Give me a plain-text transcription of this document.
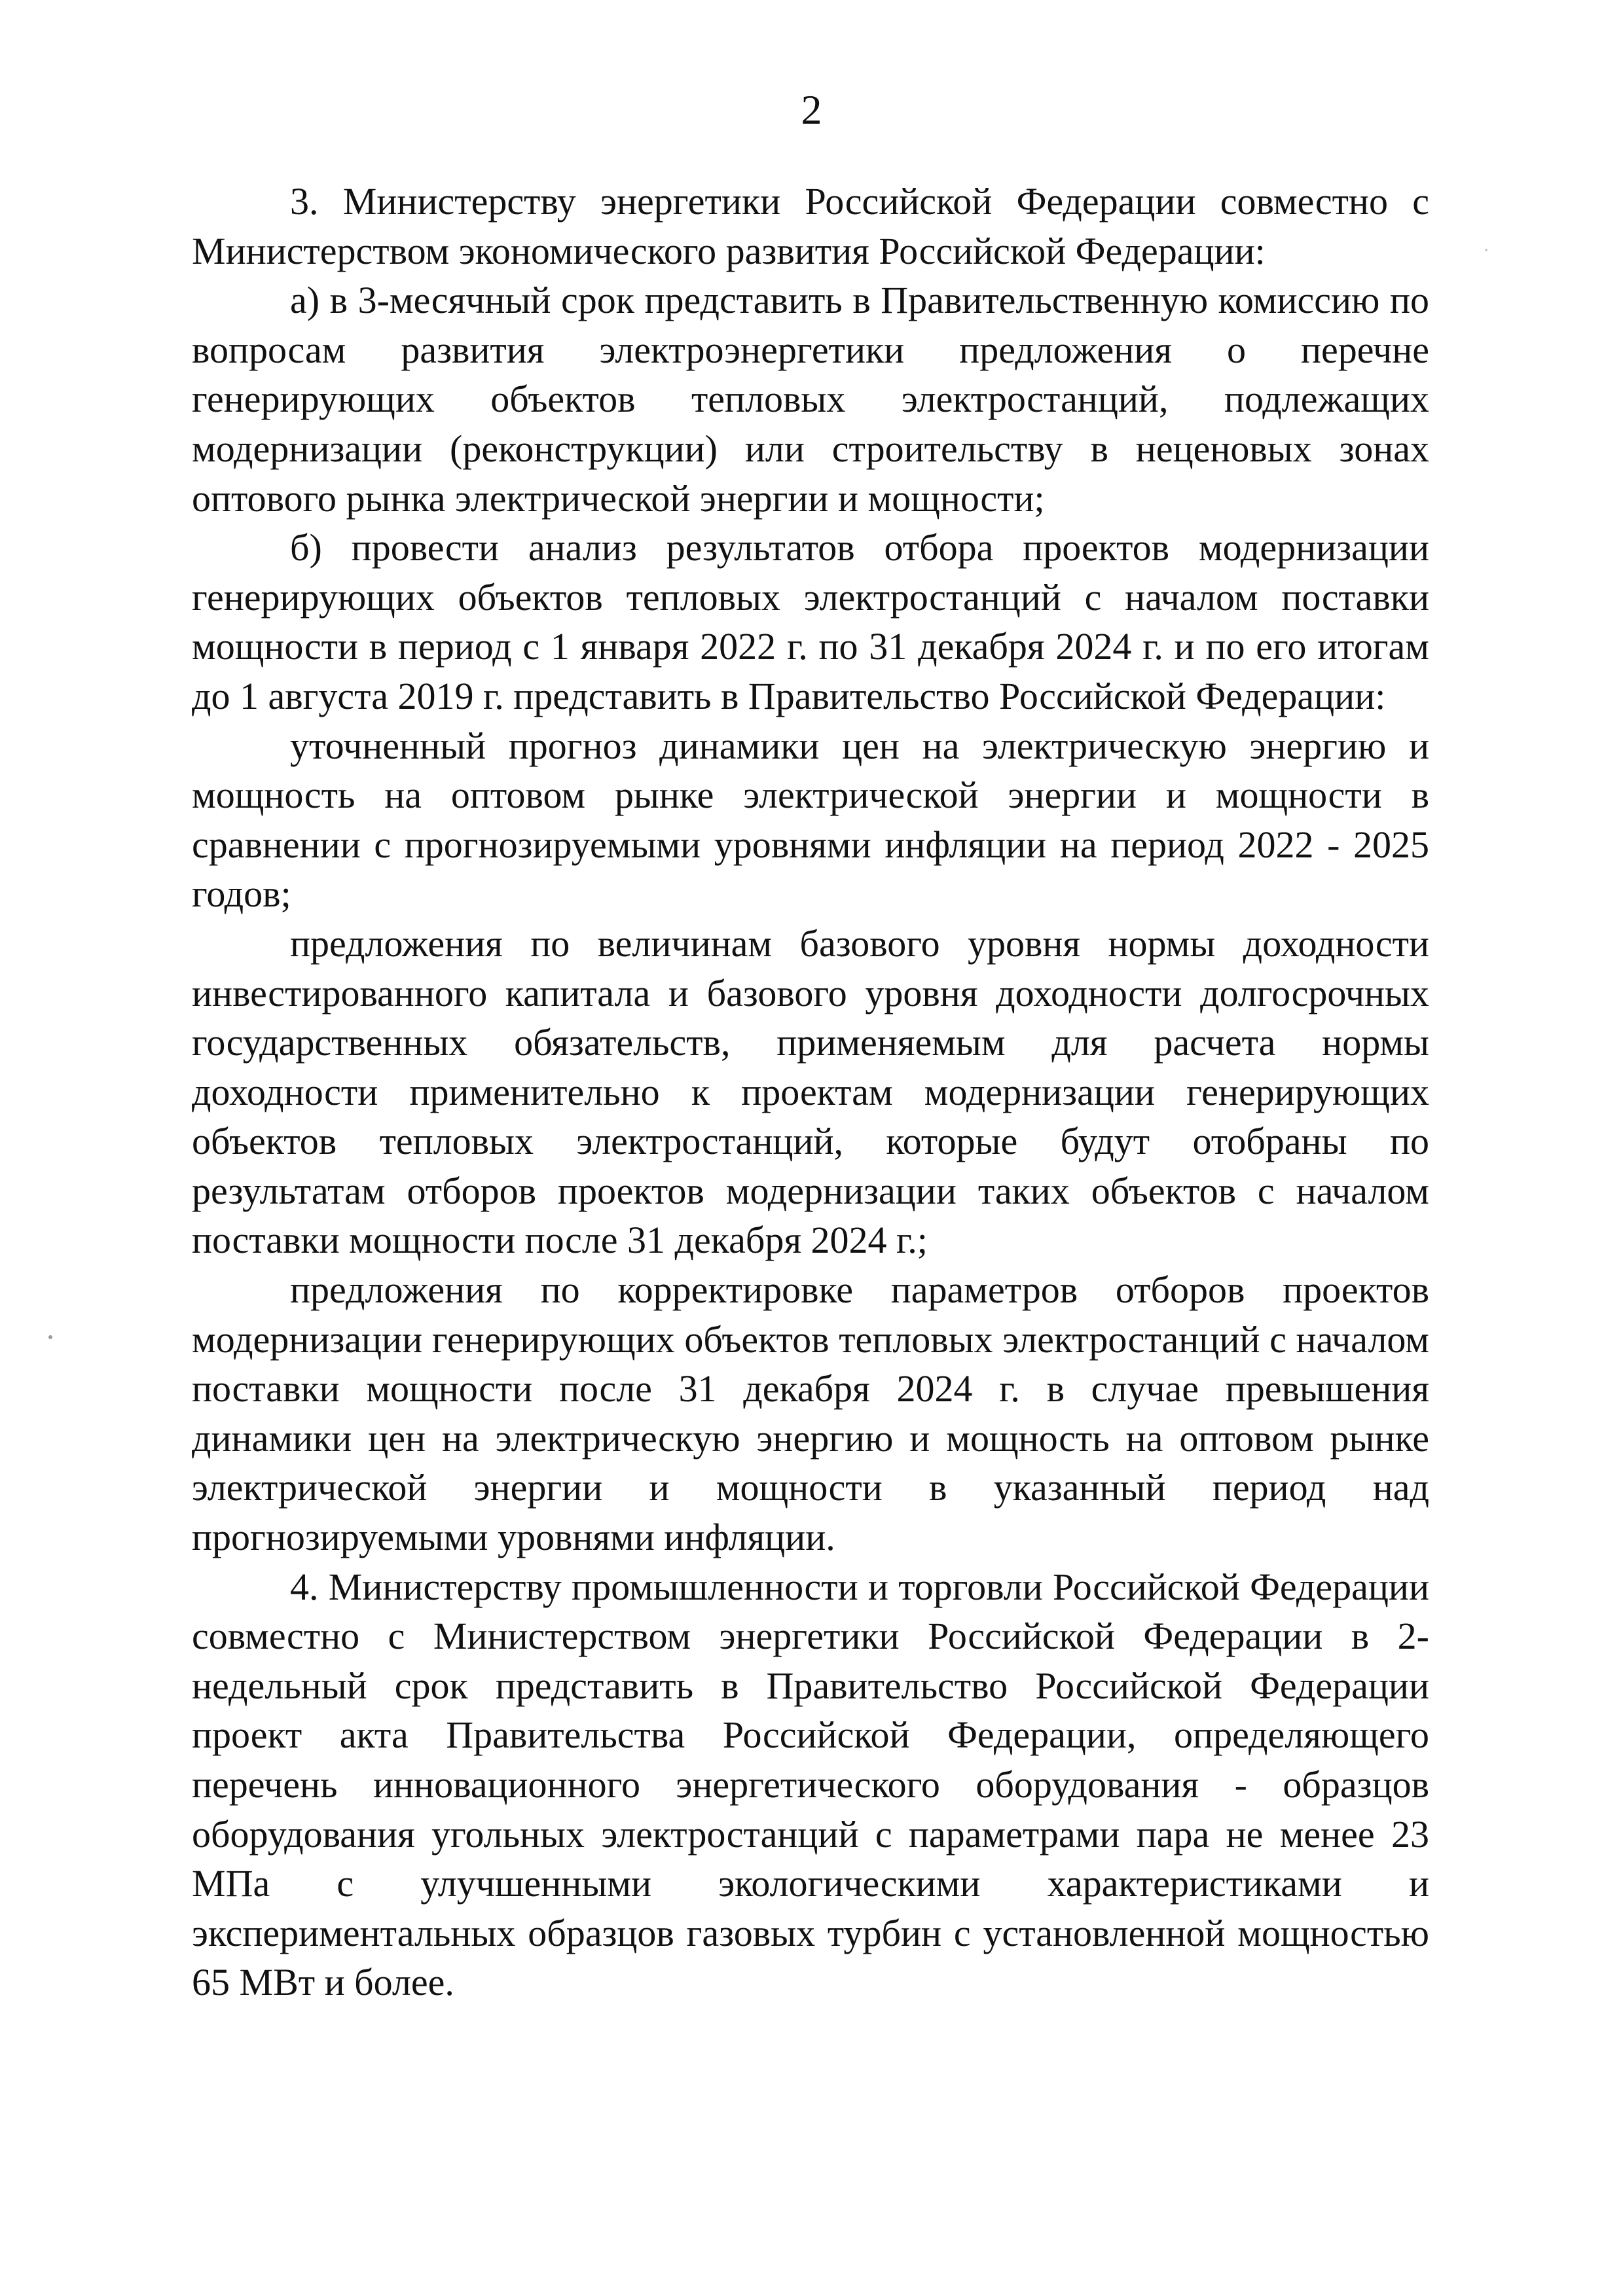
2

3. Министерству энергетики Российской Федерации совместно с Министерством экономического развития Российской Федерации:

а) в 3-месячный срок представить в Правительственную комиссию по вопросам развития электроэнергетики предложения о перечне генерирующих объектов тепловых электростанций, подлежащих модернизации (реконструкции) или строительству в неценовых зонах оптового рынка электрической энергии и мощности;

б) провести анализ результатов отбора проектов модернизации генерирующих объектов тепловых электростанций с началом поставки мощности в период с 1 января 2022 г. по 31 декабря 2024 г. и по его итогам до 1 августа 2019 г. представить в Правительство Российской Федерации:

уточненный прогноз динамики цен на электрическую энергию и мощность на оптовом рынке электрической энергии и мощности в сравнении с прогнозируемыми уровнями инфляции на период 2022 - 2025 годов;

предложения по величинам базового уровня нормы доходности инвестированного капитала и базового уровня доходности долгосрочных государственных обязательств, применяемым для расчета нормы доходности применительно к проектам модернизации генерирующих объектов тепловых электростанций, которые будут отобраны по результатам отборов проектов модернизации таких объектов с началом поставки мощности после 31 декабря 2024 г.;

предложения по корректировке параметров отборов проектов модернизации генерирующих объектов тепловых электростанций с началом поставки мощности после 31 декабря 2024 г. в случае превышения динамики цен на электрическую энергию и мощность на оптовом рынке электрической энергии и мощности в указанный период над прогнозируемыми уровнями инфляции.

4. Министерству промышленности и торговли Российской Федерации совместно с Министерством энергетики Российской Федерации в 2-недельный срок представить в Правительство Российской Федерации проект акта Правительства Российской Федерации, определяющего перечень инновационного энергетического оборудования - образцов оборудования угольных электростанций с параметрами пара не менее 23 МПа с улучшенными экологическими характеристиками и экспериментальных образцов газовых турбин с установленной мощностью 65 МВт и более.
